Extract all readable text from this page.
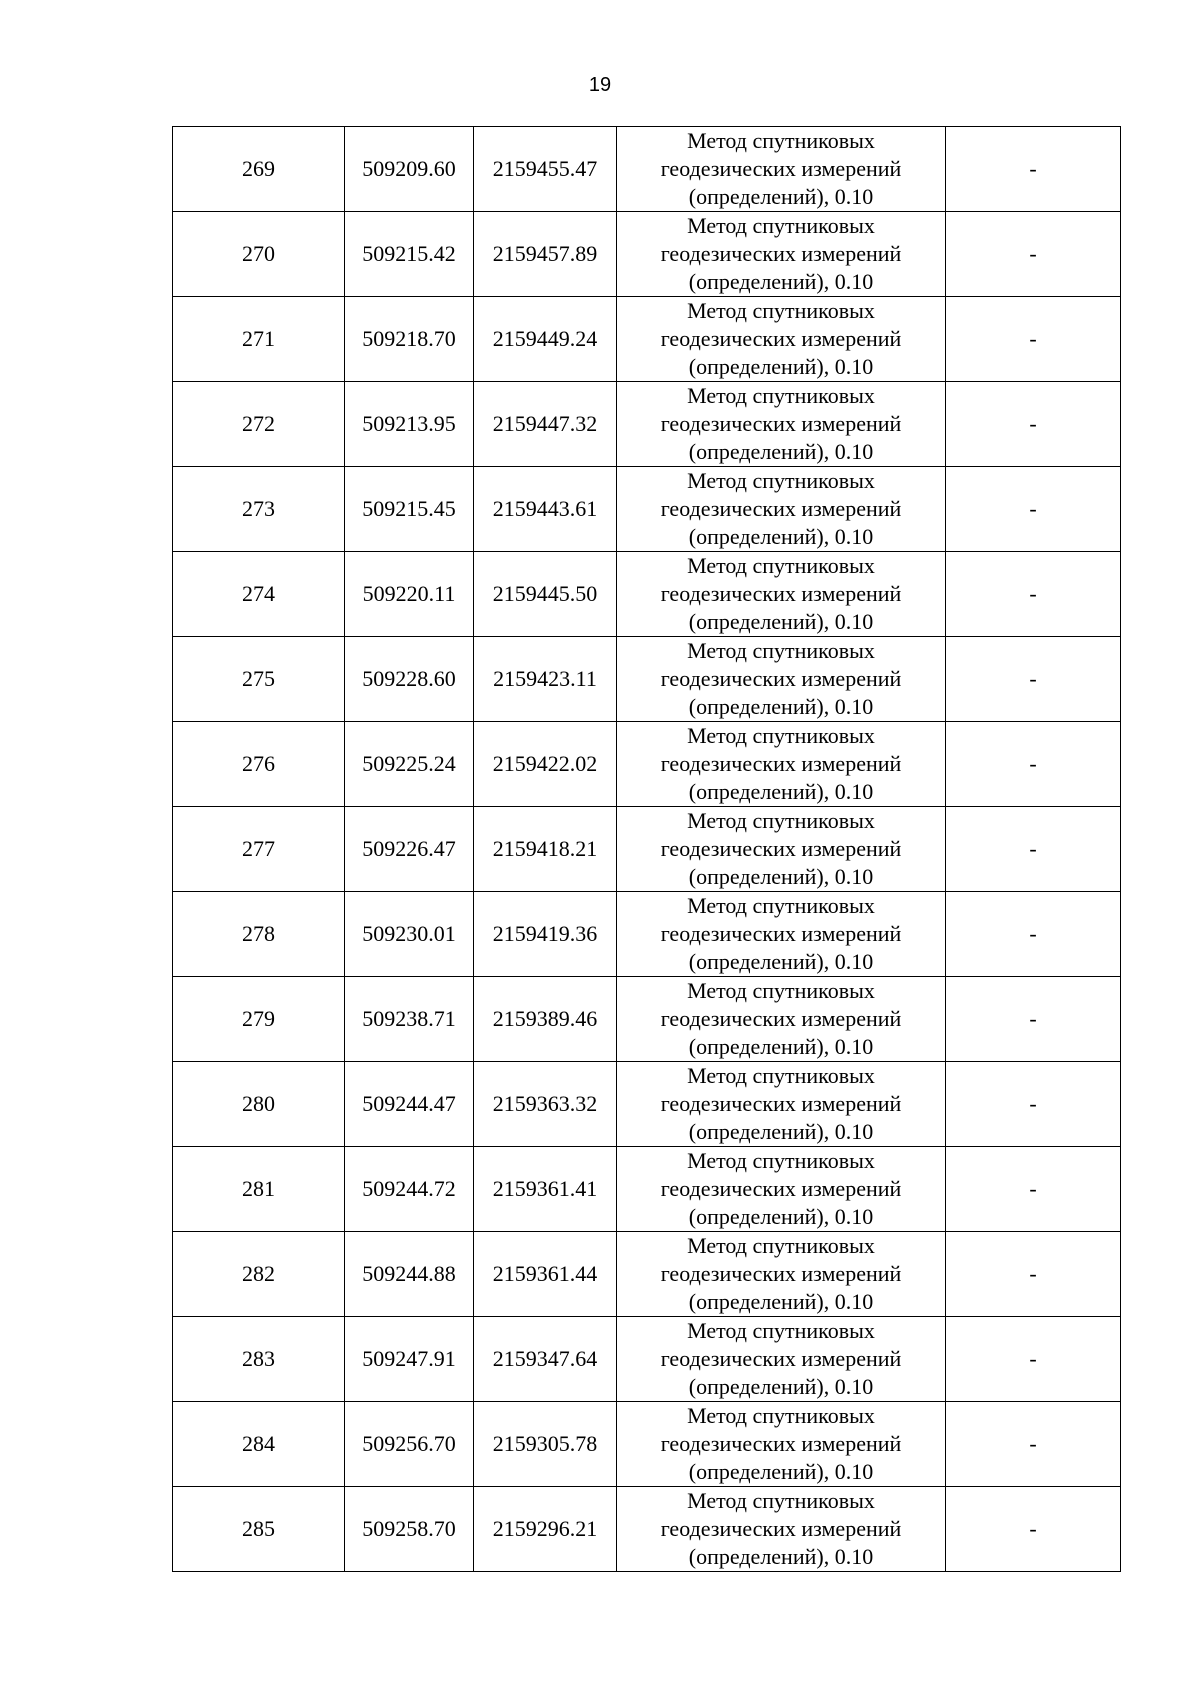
19
269	509209.60	2159455.47	Метод спутниковых
геодезических измерений
(определений), 0.10	-
270	509215.42	2159457.89	Метод спутниковых
геодезических измерений
(определений), 0.10	-
271	509218.70	2159449.24	Метод спутниковых
геодезических измерений
(определений), 0.10	-
272	509213.95	2159447.32	Метод спутниковых
геодезических измерений
(определений), 0.10	-
273	509215.45	2159443.61	Метод спутниковых
геодезических измерений
(определений), 0.10	-
274	509220.11	2159445.50	Метод спутниковых
геодезических измерений
(определений), 0.10	-
275	509228.60	2159423.11	Метод спутниковых
геодезических измерений
(определений), 0.10	-
276	509225.24	2159422.02	Метод спутниковых
геодезических измерений
(определений), 0.10	-
277	509226.47	2159418.21	Метод спутниковых
геодезических измерений
(определений), 0.10	-
278	509230.01	2159419.36	Метод спутниковых
геодезических измерений
(определений), 0.10	-
279	509238.71	2159389.46	Метод спутниковых
геодезических измерений
(определений), 0.10	-
280	509244.47	2159363.32	Метод спутниковых
геодезических измерений
(определений), 0.10	-
281	509244.72	2159361.41	Метод спутниковых
геодезических измерений
(определений), 0.10	-
282	509244.88	2159361.44	Метод спутниковых
геодезических измерений
(определений), 0.10	-
283	509247.91	2159347.64	Метод спутниковых
геодезических измерений
(определений), 0.10	-
284	509256.70	2159305.78	Метод спутниковых
геодезических измерений
(определений), 0.10	-
285	509258.70	2159296.21	Метод спутниковых
геодезических измерений
(определений), 0.10	-
